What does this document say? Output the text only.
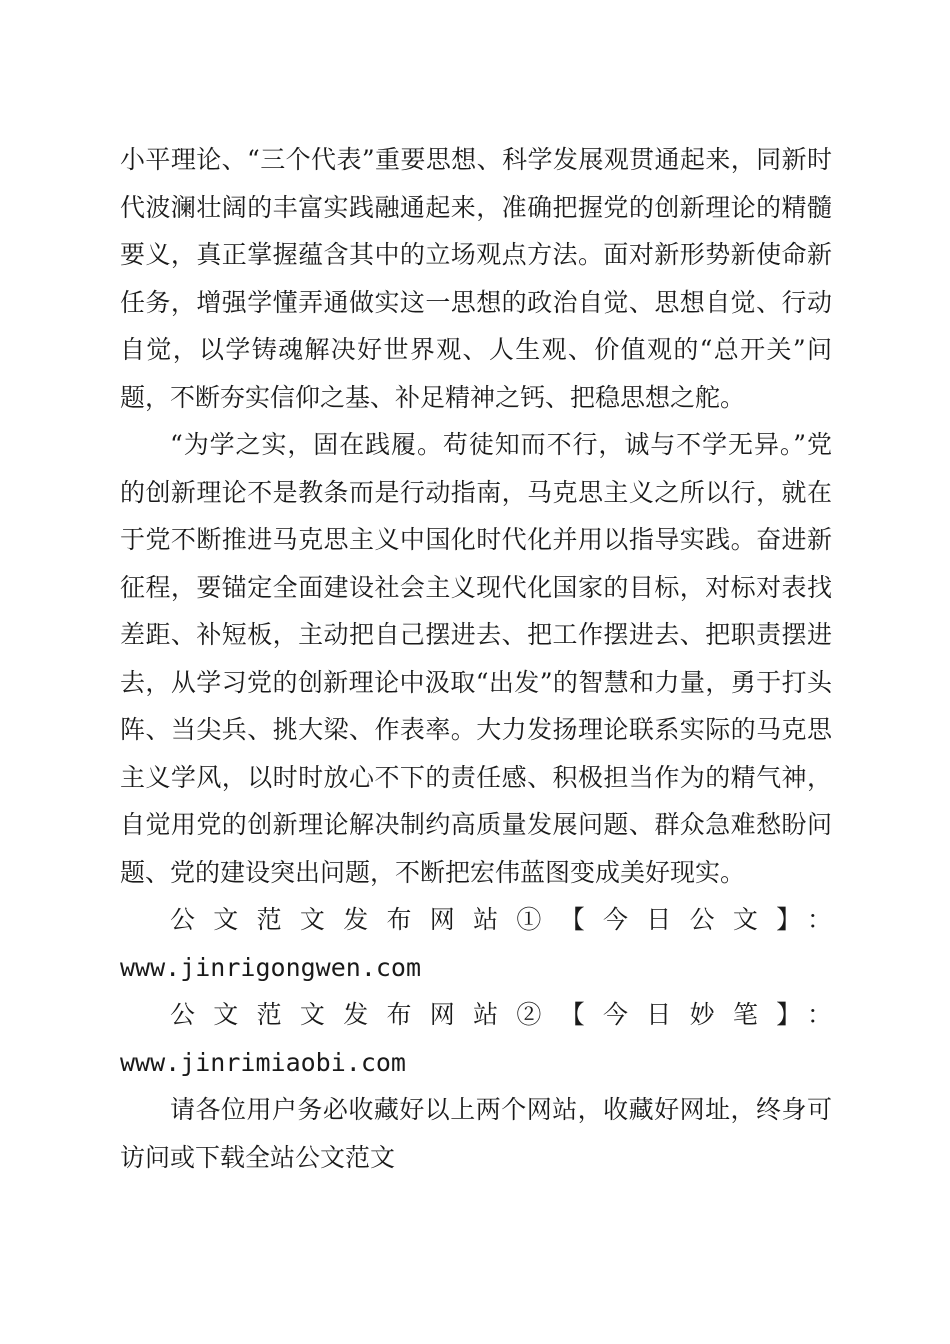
小平理论、“三个代表”重要思想、科学发展观贯通起来，同新时代波澜壮阔的丰富实践融通起来，准确把握党的创新理论的精髓要义，真正掌握蕴含其中的立场观点方法。面对新形势新使命新任务，增强学懂弄通做实这一思想的政治自觉、思想自觉、行动自觉，以学铸魂解决好世界观、人生观、价值观的“总开关”问题，不断夯实信仰之基、补足精神之钙、把稳思想之舵。

“为学之实，固在践履。苟徒知而不行，诚与不学无异。”党的创新理论不是教条而是行动指南，马克思主义之所以行，就在于党不断推进马克思主义中国化时代化并用以指导实践。奋进新征程，要锚定全面建设社会主义现代化国家的目标，对标对表找差距、补短板，主动把自己摆进去、把工作摆进去、把职责摆进去，从学习党的创新理论中汲取“出发”的智慧和力量，勇于打头阵、当尖兵、挑大梁、作表率。大力发扬理论联系实际的马克思主义学风，以时时放心不下的责任感、积极担当作为的精气神，自觉用党的创新理论解决制约高质量发展问题、群众急难愁盼问题、党的建设突出问题，不断把宏伟蓝图变成美好现实。

公文范文发布网站①【今日公文】：
www.jinrigongwen.com

公文范文发布网站②【今日妙笔】：www.jinrimiaobi.com

请各位用户务必收藏好以上两个网站，收藏好网址，终身可访问或下载全站公文范文
